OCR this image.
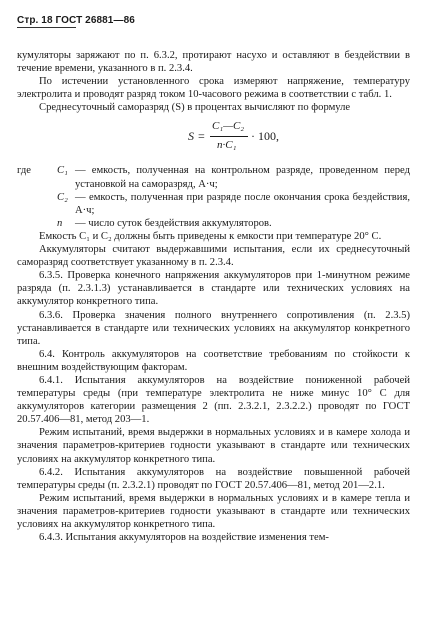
Стр. 18 ГОСТ 26881—86

кумуляторы заряжают по п. 6.3.2, протирают насухо и оставляют в бездействии в течение времени, указанного в п. 2.3.4.

По истечении установленного срока измеряют напряжение, температуру электролита и проводят разряд током 10-часового режима в соответствии с табл. 1.

Среднесуточный саморазряд (S) в процентах вычисляют по формуле

S =
C₁—C₂
n·C₁
· 100,
где	C₁ — емкость, полученная на контрольном разряде, проведенном перед установкой на саморазряд, А·ч;
C₂ — емкость, полученная при разряде после окончания срока бездействия, А·ч;
n	— число суток бездействия аккумуляторов.

Емкость C₁ и C₂ должны быть приведены к емкости при температуре 20° С.

Аккумуляторы считают выдержавшими испытания, если их среднесуточный саморазряд соответствует указанному в п. 2.3.4.

6.3.5. Проверка конечного напряжения аккумуляторов при 1-минутном режиме разряда (п. 2.3.1.3) устанавливается в стандарте или технических условиях на аккумулятор конкретного типа.

6.3.6. Проверка значения полного внутреннего сопротивления (п. 2.3.5) устанавливается в стандарте или технических условиях на аккумулятор конкретного типа.

6.4. Контроль аккумуляторов на соответствие требованиям по стойкости к внешним воздействующим факторам.

6.4.1. Испытания аккумуляторов на воздействие пониженной рабочей температуры среды (при температуре электролита не ниже минус 10° С для аккумуляторов категории размещения 2 (пп. 2.3.2.1, 2.3.2.2.) проводят по ГОСТ 20.57.406—81, метод 203—1.

Режим испытаний, время выдержки в нормальных условиях и в камере холода и значения параметров-критериев годности указывают в стандарте или технических условиях на аккумулятор конкретного типа.

6.4.2. Испытания аккумуляторов на воздействие повышенной рабочей температуры среды (п. 2.3.2.1) проводят по ГОСТ 20.57.406—81, метод 201—2.1.

Режим испытаний, время выдержки в нормальных условиях и в камере тепла и значения параметров-критериев годности указывают в стандарте или технических условиях на аккумулятор конкретного типа.

6.4.3. Испытания аккумуляторов на воздействие изменения тем-
